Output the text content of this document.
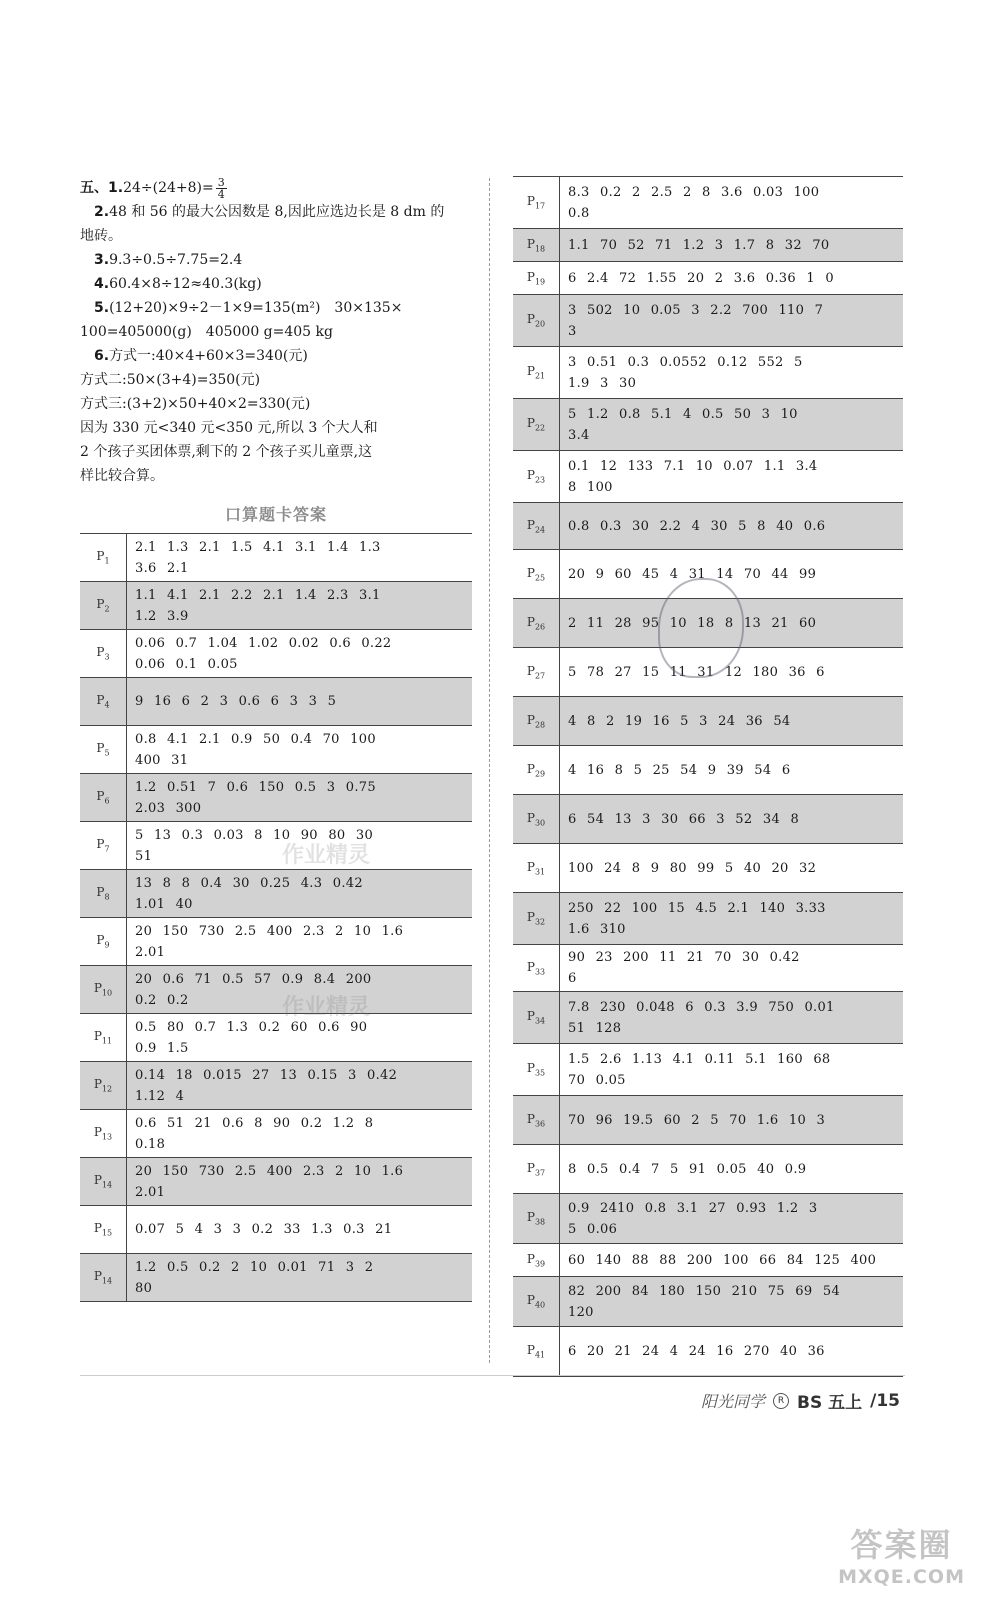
五、$1.24\div(24+8)= \frac{3}{4}$
2.48 和 56 的最大公因数是 8,因此应选边长是 8 dm 的
地砖。
3.9.3÷0.5÷7.75=2.4
4.60.4×8÷12≈40.3(kg)
5.(12+20)×9÷2－1×9=135(m²)　30×135×
100=405000(g)　405000 g=405 kg
6.方式一:40×4+60×3=340(元)
方式二:50×(3+4)=350(元)
方式三:(3+2)×50+40×2=330(元)
因为 330 元<340 元<350 元,所以 3 个大人和
2 个孩子买团体票,剩下的 2 个孩子买儿童票,这
样比较合算。
口算题卡答案
$P_1$	2.1 1.3 2.1 1.5 4.1 3.1 1.4 1.3
3.6 2.1

$P_2$	1.1 4.1 2.1 2.2 2.1 1.4 2.3 3.1
1.2 3.9

$P_3$	0.06 0.7 1.04 1.02 0.02 0.6 0.22
0.06 0.1 0.05

$P_4$	9 16 6 2 3 0.6 6 3 3 5

$P_5$	0.8 4.1 2.1 0.9 50 0.4 70 100
400 31

$P_6$	1.2 0.51 7 0.6 150 0.5 3 0.75
2.03 300

$P_7$	5 13 0.3 0.03 8 10 90 80 30
51

$P_8$	13 8 8 0.4 30 0.25 4.3 0.42
1.01 40

$P_9$	20 150 730 2.5 400 2.3 2 10 1.6
2.01

$P_{10}$	20 0.6 71 0.5 57 0.9 8.4 200
0.2 0.2

$P_{11}$	0.5 80 0.7 1.3 0.2 60 0.6 90
0.9 1.5

$P_{12}$	0.14 18 0.015 27 13 0.15 3 0.42
1.12 4

$P_{13}$	0.6 51 21 0.6 8 90 0.2 1.2 8
0.18

$P_{14}$	20 150 730 2.5 400 2.3 2 10 1.6
2.01

$P_{15}$	0.07 5 4 3 3 0.2 33 1.3 0.3 21

$P_{14}$	1.2 0.5 0.2 2 10 0.01 71 3 2
80
$P_{17}$	8.3 0.2 2 2.5 2 8 3.6 0.03 100
0.8

$P_{18}$	1.1 70 52 71 1.2 3 1.7 8 32 70

$P_{19}$	6 2.4 72 1.55 20 2 3.6 0.36 1 0

$P_{20}$	3 502 10 0.05 3 2.2 700 110 7
3

$P_{21}$	3 0.51 0.3 0.0552 0.12 552 5
1.9 3 30

$P_{22}$	5 1.2 0.8 5.1 4 0.5 50 3 10
3.4

$P_{23}$	0.1 12 133 7.1 10 0.07 1.1 3.4
8 100

$P_{24}$	0.8 0.3 30 2.2 4 30 5 8 40 0.6

$P_{25}$	20 9 60 45 4 31 14 70 44 99

$P_{26}$	2 11 28 95 10 18 8 13 21 60

$P_{27}$	5 78 27 15 11 31 12 180 36 6

$P_{28}$	4 8 2 19 16 5 3 24 36 54

$P_{29}$	4 16 8 5 25 54 9 39 54 6

$P_{30}$	6 54 13 3 30 66 3 52 34 8

$P_{31}$	100 24 8 9 80 99 5 40 20 32

$P_{32}$	250 22 100 15 4.5 2.1 140 3.33
1.6 310

$P_{33}$	90 23 200 11 21 70 30 0.42
6

$P_{34}$	7.8 230 0.048 6 0.3 3.9 750 0.01
51 128

$P_{35}$	1.5 2.6 1.13 4.1 0.11 5.1 160 68
70 0.05

$P_{36}$	70 96 19.5 60 2 5 70 1.6 10 3

$P_{37}$	8 0.5 0.4 7 5 91 0.05 40 0.9

$P_{38}$	0.9 2410 0.8 3.1 27 0.93 1.2 3
5 0.06

$P_{39}$	60 140 88 88 200 100 66 84 125 400

$P_{40}$	82 200 84 180 150 210 75 69 54
120

$P_{41}$	6 20 21 24 4 24 16 270 40 36
作业精灵
作业精灵
阳光同学	R BS 五上 /15
答案圈
MXQE.COM
